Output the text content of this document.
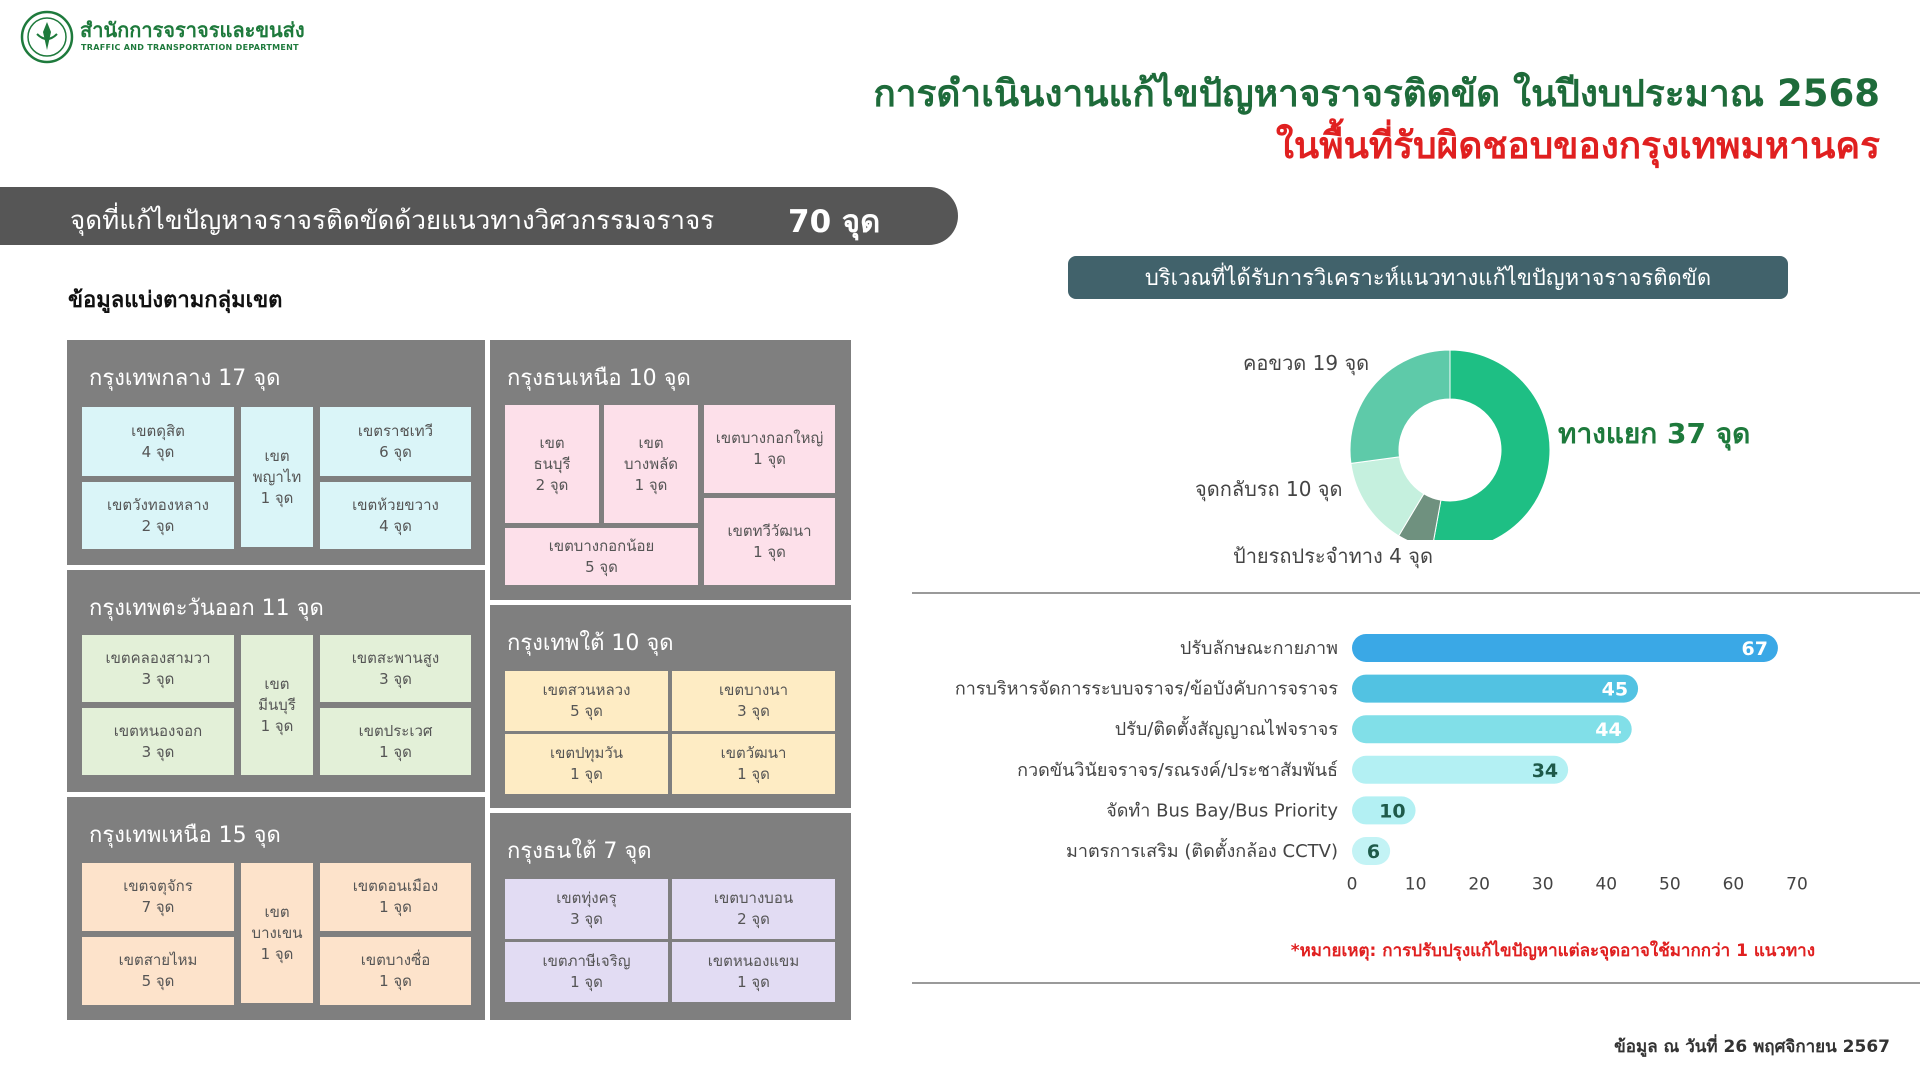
สำนักการจราจรและขนส่ง
TRAFFIC AND TRANSPORTATION DEPARTMENT
การดำเนินงานแก้ไขปัญหาจราจรติดขัด ในปีงบประมาณ 2568
ในพื้นที่รับผิดชอบของกรุงเทพมหานคร
จุดที่แก้ไขปัญหาจราจรติดขัดด้วยแนวทางวิศวกรรมจราจร 70 จุด
ข้อมูลแบ่งตามกลุ่มเขต
กรุงเทพกลาง 17 จุด
เขตดุสิต
4 จุด	เขต
พญาไท
1 จุด
เขตราชเทวี
6 จุด
เขตวังทองหลาง
2 จุด
เขตห้วยขวาง
4 จุด
กรุงเทพตะวันออก 11 จุด
เขตคลองสามวา
3 จุด	เขต
มีนบุรี
1 จุด
เขตสะพานสูง
3 จุด
เขตหนองจอก
3 จุด
เขตประเวศ
1 จุด
กรุงเทพเหนือ 15 จุด
เขตจตุจักร
7 จุด	เขต
บางเขน
1 จุด
เขตดอนเมือง
1 จุด
เขตสายไหม
5 จุด
เขตบางซื่อ
1 จุด
กรุงธนเหนือ 10 จุด
เขต
ธนบุรี
2 จุด
เขต
บางพลัด
1 จุด
เขตบางกอกใหญ่
1 จุด
เขตบางกอกน้อย
5 จุด
เขตทวีวัฒนา
1 จุด
กรุงเทพใต้ 10 จุด
เขตสวนหลวง
5 จุด
เขตบางนา
3 จุด
เขตปทุมวัน
1 จุด
เขตวัฒนา
1 จุด
กรุงธนใต้ 7 จุด
เขตทุ่งครุ
3 จุด
เขตบางบอน
2 จุด
เขตภาษีเจริญ
1 จุด
เขตหนองแขม
1 จุด
บริเวณที่ได้รับการวิเคราะห์แนวทางแก้ไขปัญหาจราจรติดขัด
คอขวด 19 จุด
ทางแยก 37 จุด
จุดกลับรถ 10 จุด
ป้ายรถประจำทาง 4 จุด
ปรับลักษณะกายภาพ	67
การบริหารจัดการระบบจราจร/ข้อบังคับการจราจร	45
ปรับ/ติดตั้งสัญญาณไฟจราจร	44
กวดขันวินัยจราจร/รณรงค์/ประชาสัมพันธ์	34
จัดทำ Bus Bay/Bus Priority 10
มาตรการเสริม (ติดตั้งกล้อง CCTV) 6
0	10 20 30 40 50 60 70
*หมายเหตุ: การปรับปรุงแก้ไขปัญหาแต่ละจุดอาจใช้มากกว่า 1 แนวทาง
ข้อมูล ณ วันที่ 26 พฤศจิกายน 2567
